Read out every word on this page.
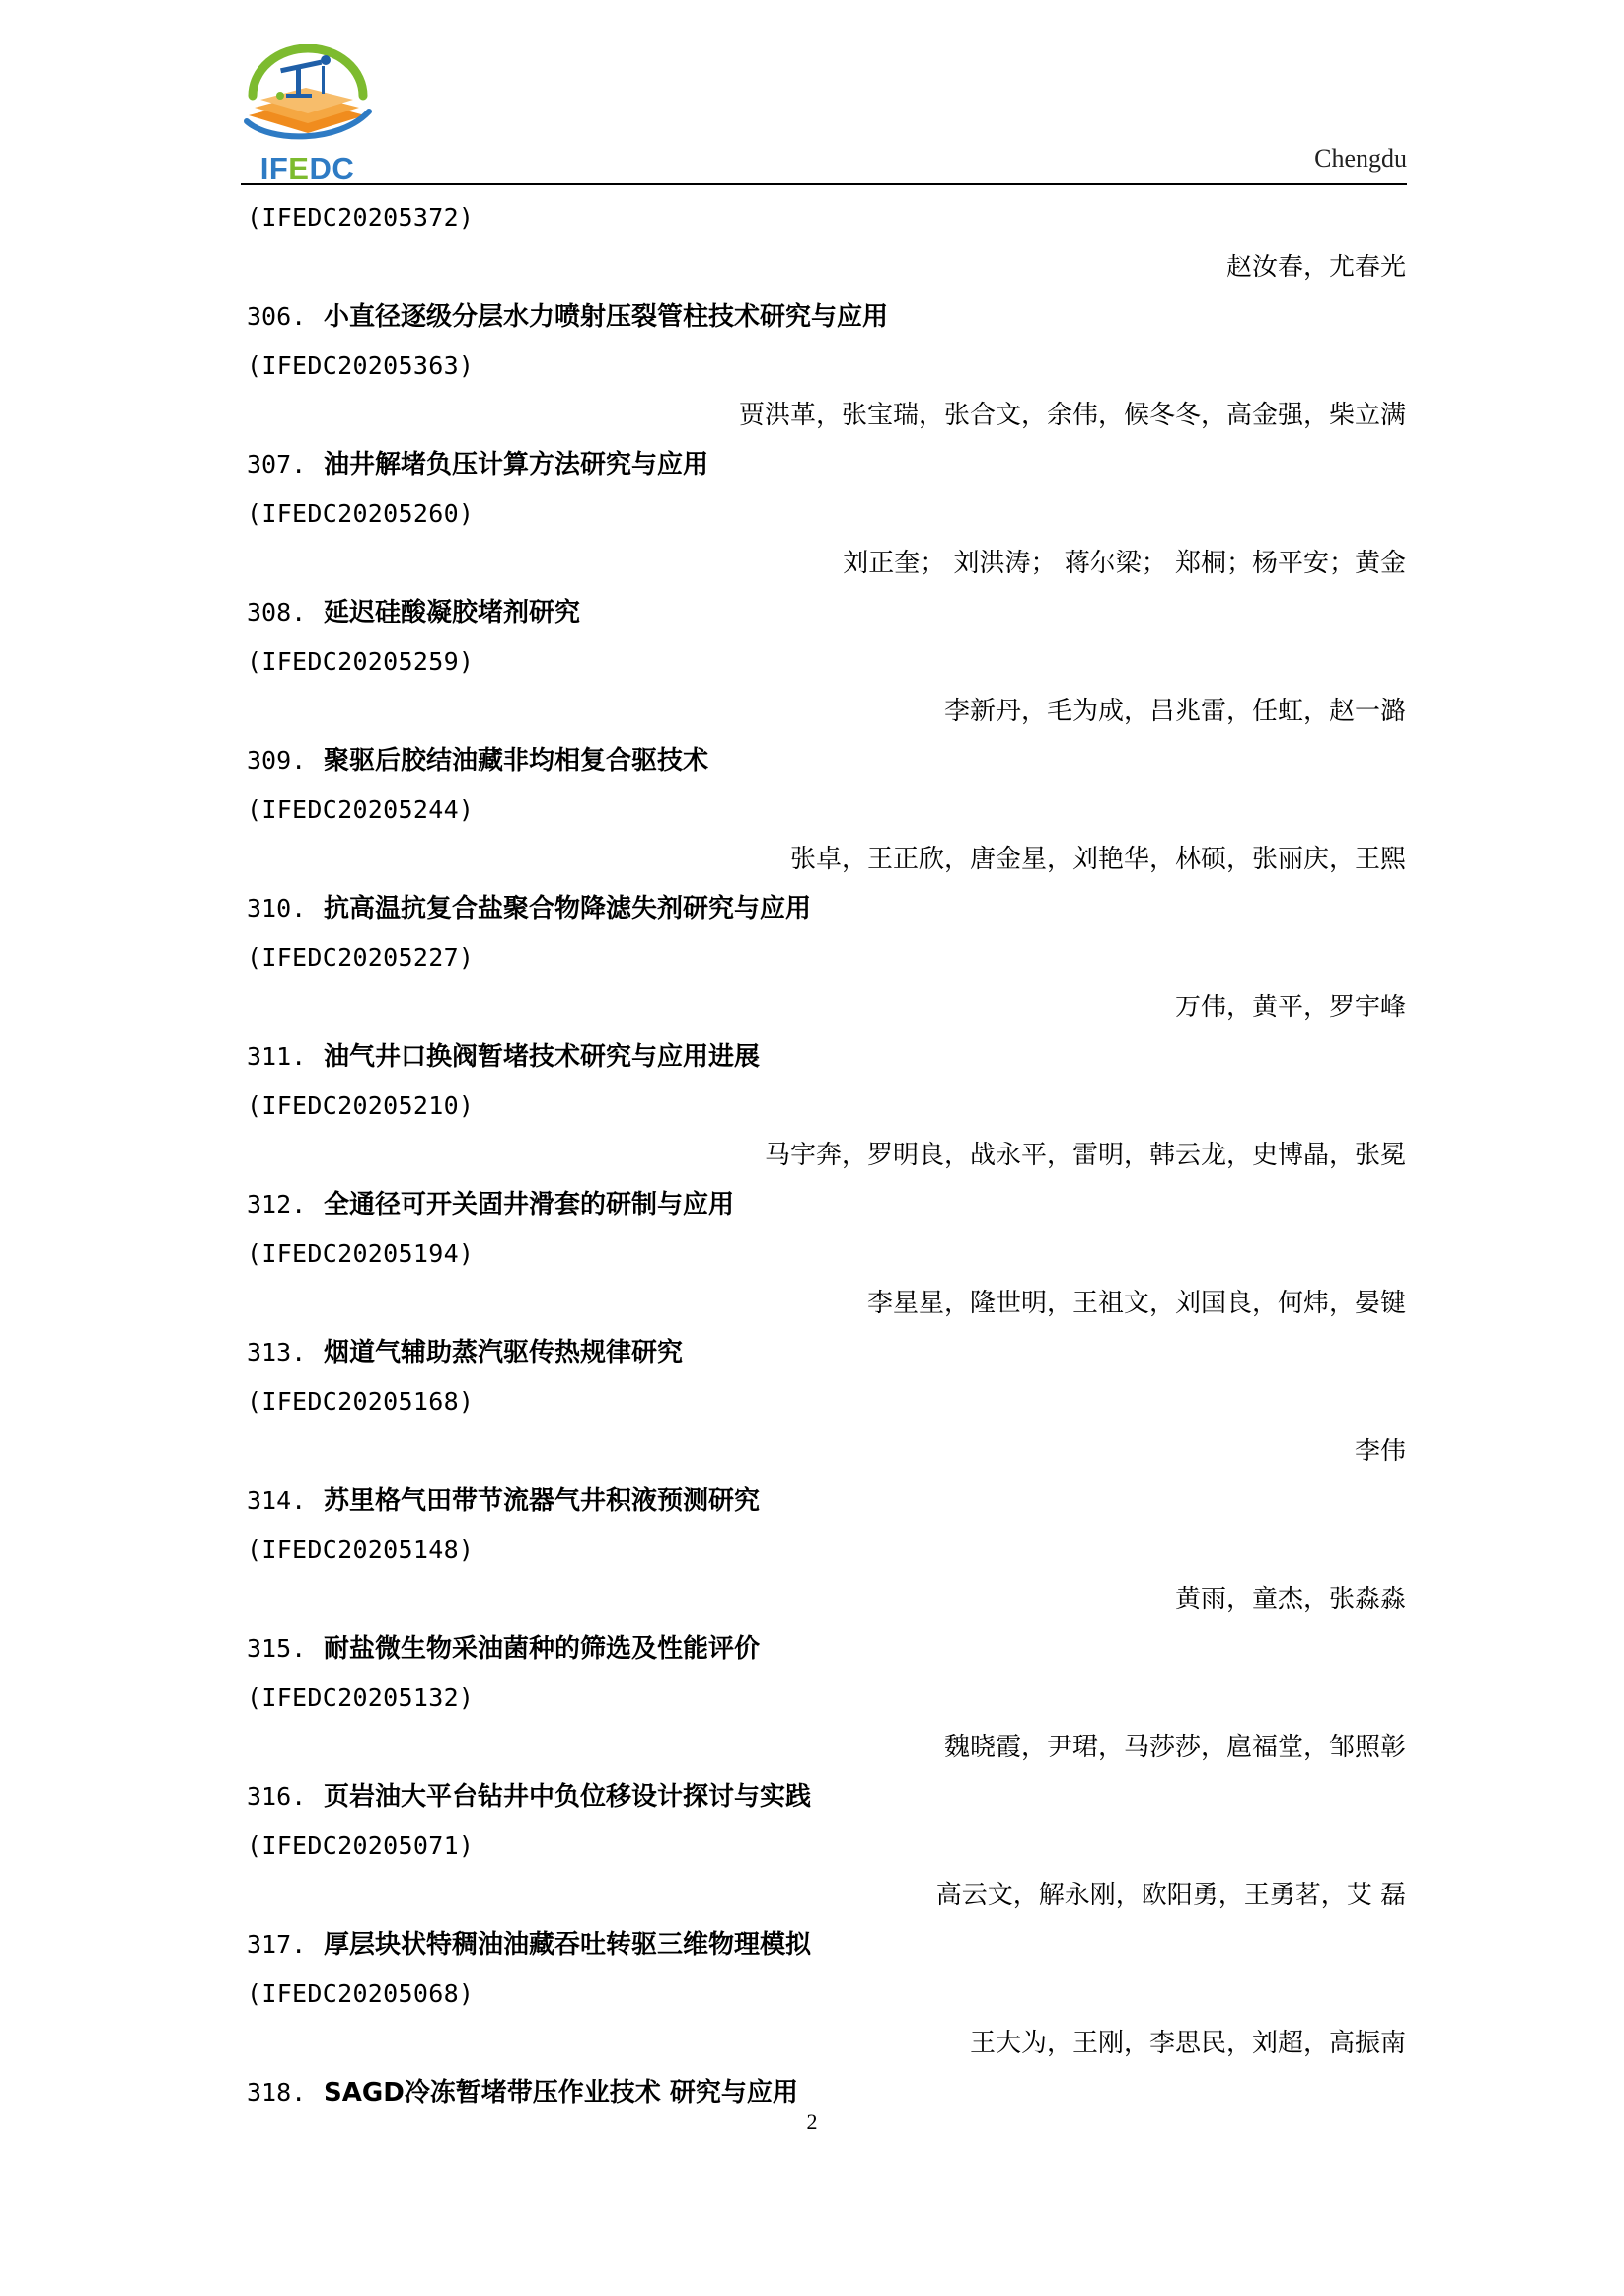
IFEDC	Chengdu
(IFEDC20205372)
赵汝春，尤春光
306. 小直径逐级分层水力喷射压裂管柱技术研究与应用
(IFEDC20205363)
贾洪革，张宝瑞，张合文，余伟，候冬冬，高金强，柴立满
307. 油井解堵负压计算方法研究与应用
(IFEDC20205260)
刘正奎； 刘洪涛； 蒋尔梁； 郑桐；杨平安；黄金
308. 延迟硅酸凝胶堵剂研究
(IFEDC20205259)
李新丹，毛为成，吕兆雷，任虹，赵一潞
309. 聚驱后胶结油藏非均相复合驱技术
(IFEDC20205244)
张卓，王正欣，唐金星，刘艳华，林硕，张丽庆，王熙
310. 抗高温抗复合盐聚合物降滤失剂研究与应用
(IFEDC20205227)
万伟，黄平，罗宇峰
311. 油气井口换阀暂堵技术研究与应用进展
(IFEDC20205210)
马宇奔，罗明良，战永平，雷明，韩云龙，史博晶，张冕
312. 全通径可开关固井滑套的研制与应用
(IFEDC20205194)
李星星，隆世明，王祖文，刘国良，何炜，晏键
313. 烟道气辅助蒸汽驱传热规律研究
(IFEDC20205168)
李伟
314. 苏里格气田带节流器气井积液预测研究
(IFEDC20205148)
黄雨，童杰，张淼淼
315. 耐盐微生物采油菌种的筛选及性能评价
(IFEDC20205132)
魏晓霞，尹珺，马莎莎，扈福堂，邹照彰
316. 页岩油大平台钻井中负位移设计探讨与实践
(IFEDC20205071)
高云文，解永刚，欧阳勇，王勇茗，艾 磊
317. 厚层块状特稠油油藏吞吐转驱三维物理模拟
(IFEDC20205068)
王大为，王刚，李思民，刘超，高振南
318. SAGD冷冻暂堵带压作业技术 研究与应用
2
